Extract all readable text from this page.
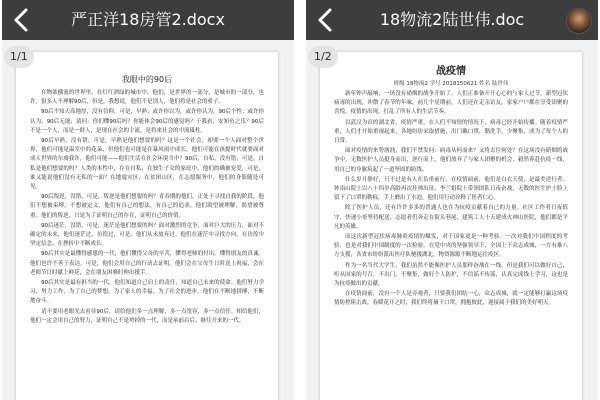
严正洋18房管2.docx
我眼中的90后

在物欲横流的世界里，在灯红酒绿的城市中，他们，是世界的一部分，是城市的一部分，也许，很多人不理解90后，但是，我想说，他们不是别人，他们将是社会的骄子。

90后不知天高地厚，没有信仰，可是，早熟；或许你以为，或许你认为，90后个性；或许你认为，90后无能；请问：你们懂90后吗？你能体会90后的感觉吗？于我看，安知鱼之乐？90后不是一个人，而是一群人，是现在社会的主流，是将来社会的中流砥柱。

90后早熟，没有错，可是，早熟是他们想要的吗？这是一个社会，却要一个人面对整个世界，他们可能是温室中的花朵，但他们也可能是在暴风雨中成长，他们可能在孩提时代就要面对成人世界的尔虞我诈，他们可能——他们生活在社会环境当中？90后，自私，没有错，可是，自私是他们想要的吗？人类的本性中，存在自私，在独生子女的家庭中，他们的确被宠爱，可是，谁又能说他们没有无私的一面？在地震灾区，在贫困山区，在志愿服务中，他们的身影随处可见。

90后叛逆，没错，可是，叛逆是他们想要的吗？青春期的他们，正处于寻找自我的阶段，他们不想被束缚，不想被定义，他们有自己的想法，有自己的追求，他们渴望被理解，渴望被尊重。他们的叛逆，只是为了证明自己的存在，证明自己的价值。

90后迷茫，没错，可是，迷茫是他们想要的吗？面对激烈的竞争，面对巨大的压力，面对不确定的未来，他们迷茫过，彷徨过，可是，他们从未放弃过。他们在迷茫中寻找方向，在彷徨中坚定信念，在挫折中不断成长。

90后其实是最懂得感恩的一代，他们懂得父母的辛苦，懂得老师的付出，懂得朋友的真诚。他们也许不善于表达，可是，他们会用自己的行动去证明。他们会在父母生日时送上祝福，会在老师节日时献上鲜花，会在朋友困难时伸出援手。

90后其实是最有担当的一代，他们知道自己肩上的责任，知道自己未来的使命。他们努力学习，努力工作，为了自己的梦想，为了家人的幸福，为了社会的进步，他们在不断地拼搏，不断地奋斗。

请不要用老眼光去看待90后，请给他们多一点理解，多一点宽容，多一点信任。相信他们，他们一定会用自己的努力，证明自己不是垮掉的一代，而是承前启后、继往开来的一代。

1/1
18物流2陆世伟.doc
战疫情
班级 18物流2 学号 2018150621 姓名 陆世伟

新年钟声敲响，一场没有硝烟的战争开始了。人们正准备开开心心的与家人过节，新型冠状病毒的出现，冲散了春节的年味，前几个星期前，人们还在走亲访友，家家户户都在享受团聚的喜悦，疫情的出现，打乱了所有人的生活节奏。

以武汉为首的湖北省，疫情严重，在人们不知情的情况下，病毒已经开始传播。随着疫情严重，人们才开始重视起来，各地纷纷采取措施，出门戴口罩，勤洗手，少聚集，成为了每个人的日常。

面对疫情的来势汹汹，我们不禁发问：病毒从何而来？又将去往何处？在这场没有硝烟的战争中，无数医护人员挺身而出，逆行而上，他们放弃了与家人团聚的机会，毅然奔赴抗疫一线，用自己的身躯筑起了一道坚固的防线。

什么岁月静好，只不过是有人在负重前行。在疫情面前，他们是白衣天使，是最美逆行者。钟南山院士以八十四岁高龄再次挂帅出征，李兰娟院士带领团队日夜奋战，无数的医生护士脸上留下了口罩的勒痕，手上磨出了水泡，他们用行动诠释了医者仁心。

除了医护人员，还有许许多多的普通人也在为抗疫贡献着自己的力量。社区工作者日夜值守，快递小哥坚持配送，志愿者们奔走在街头巷尾，建筑工人十天建成火神山医院，他们都是平凡的英雄。

而这次新型冠状病毒肺炎疫情的爆发，对于国家更是一种考验。一次对我们中国程度的考验，也是对我们中国制度的一次检验。在党中央的坚强领导下，全国上下众志成城，一方有难八方支援，各省市纷纷派出医疗队驰援湖北，物资源源不断地运往疫区。

作为一名当代大学生，我们虽然不能像医护人员那样奋战在一线，但是我们可以做好自己，听从国家的号召，不出门，不聚集，做好个人防护，不信谣不传谣，认真完成线上学习，这也是为抗疫做出的贡献。

在疫情面前，没有一个人是旁观者，只要我们团结一心，众志成城，就一定能够打赢这场疫情防控阻击战。春暖花开之时，我们终将摘下口罩，拥抱彼此，迎接属于我们的美好明天。

1/2
